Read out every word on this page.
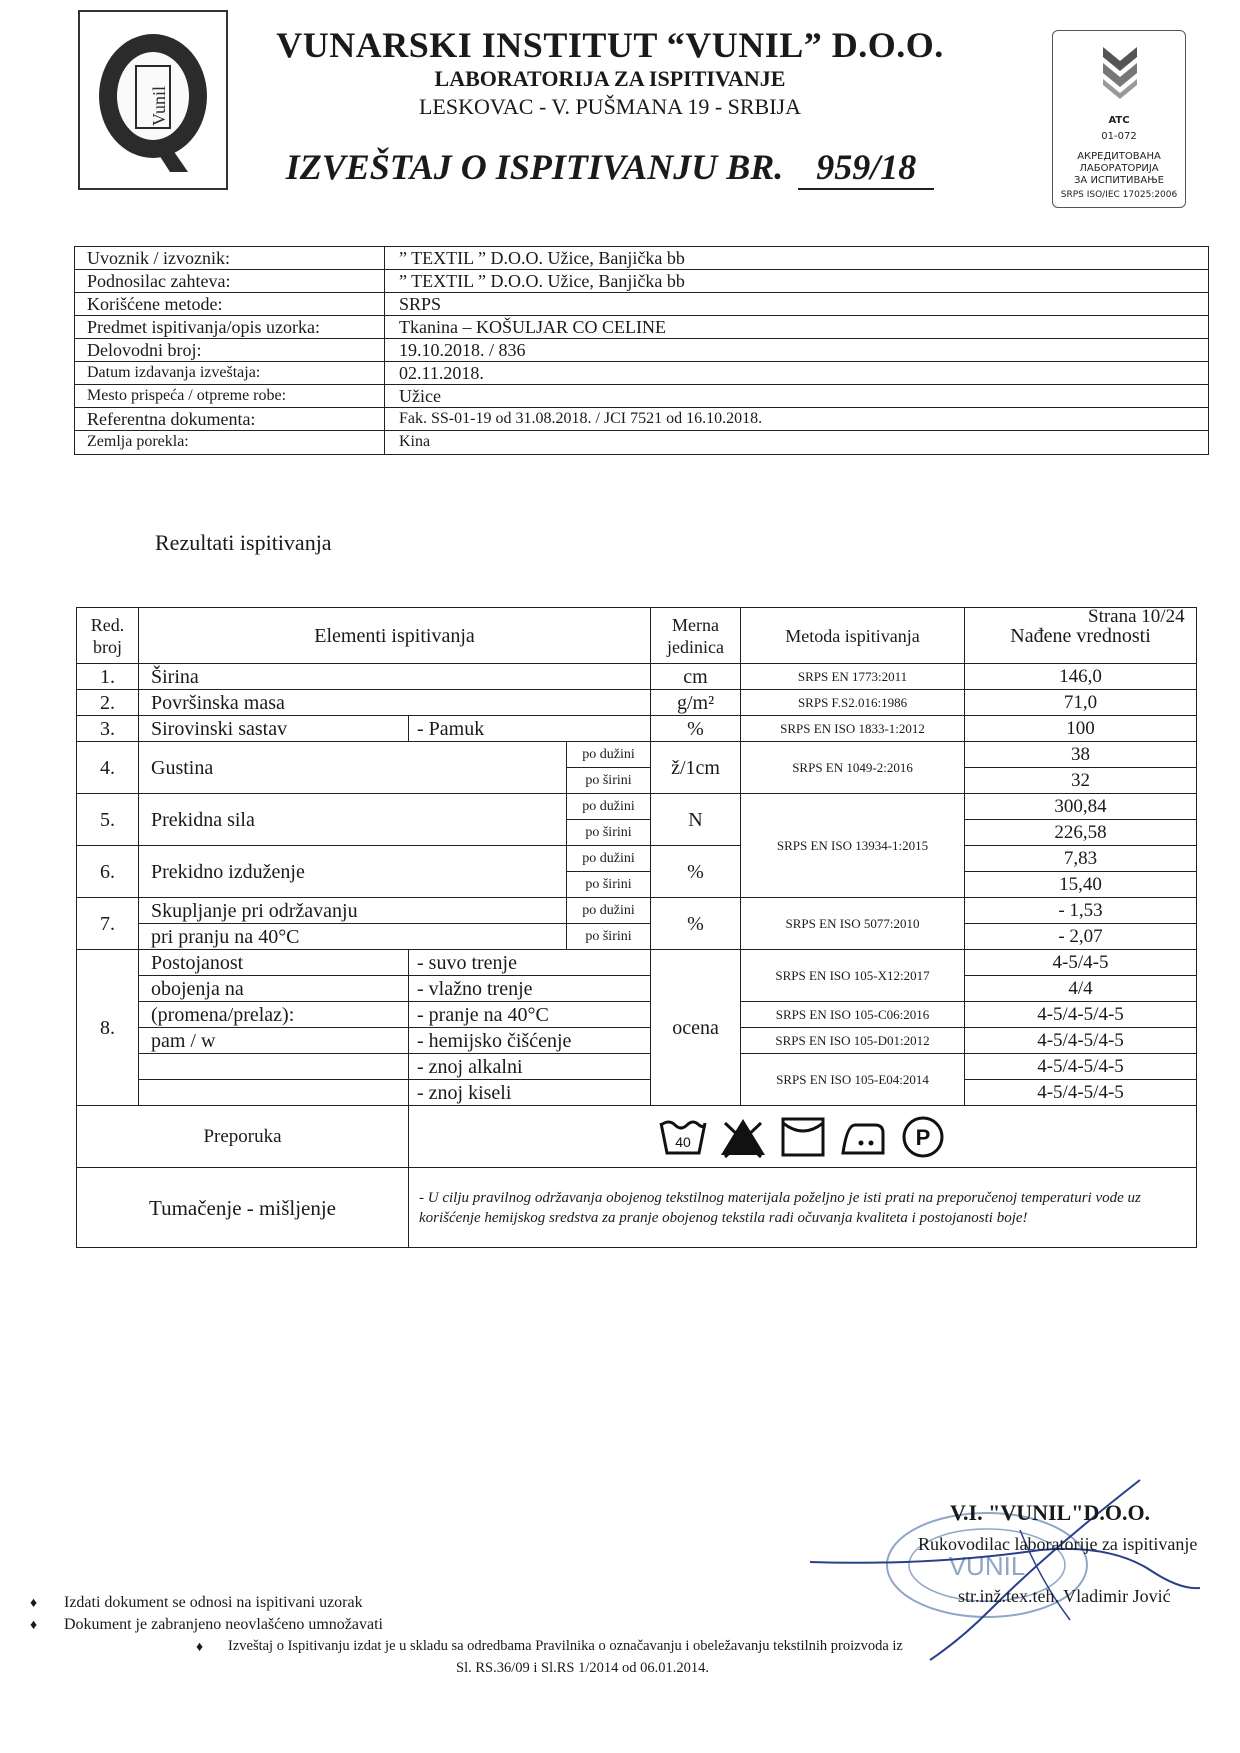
Vunil
VUNARSKI INSTITUT “VUNIL” D.O.O.
LABORATORIJA ZA ISPITIVANJE
LESKOVAC - V. PUŠMANA 19 - SRBIJA
IZVEŠTAJ O ISPITIVANJU BR. 959/18
ATC
01-072
АКРЕДИТОВАНА
ЛАБОРАТОРИЈА
ЗА ИСПИТИВАЊЕ
SRPS ISO/IEC 17025:2006
Uvoznik / izvoznik:	” TEXTIL ” D.O.O. Užice, Banjička bb
Podnosilac zahteva:	” TEXTIL ” D.O.O. Užice, Banjička bb
Korišćene metode:	SRPS
Predmet ispitivanja/opis uzorka:	Tkanina – KOŠULJAR CO CELINE
Delovodni broj:	19.10.2018. / 836
Datum izdavanja izveštaja:	02.11.2018.
Mesto prispeća / otpreme robe:	Užice
Referentna dokumenta:	Fak. SS-01-19 od 31.08.2018. / JCI 7521 od 16.10.2018.
Zemlja porekla:	Kina
Rezultati ispitivanja
Strana 10/24
Red. broj	Elementi ispitivanja			Merna jedinica	Metoda ispitivanja	Nađene vrednosti
1.	Širina			cm	SRPS EN 1773:2011	146,0
2.	Površinska masa			g/m²	SRPS F.S2.016:1986	71,0
3.	Sirovinski sastav	- Pamuk		%	SRPS EN ISO 1833-1:2012	100
4.	Gustina		po dužini	ž/1cm	SRPS EN 1049-2:2016	38
			po širini			32
5.	Prekidna sila		po dužini	N	SRPS EN ISO 13934-1:2015	300,84
			po širini			226,58
6.	Prekidno izduženje		po dužini	%		7,83
			po širini			15,40
7.	Skupljanje pri održavanju		po dužini	%	SRPS EN ISO 5077:2010	- 1,53
	pri pranju na 40°C		po širini			- 2,07
8.	Postojanost	- suvo trenje		ocena	SRPS EN ISO 105-X12:2017	4-5/4-5
	obojenja na	- vlažno trenje				4/4
	(promena/prelaz):	- pranje na 40°C			SRPS EN ISO 105-C06:2016	4-5/4-5/4-5
	pam / w	- hemijsko čišćenje			SRPS EN ISO 105-D01:2012	4-5/4-5/4-5
		- znoj alkalni			SRPS EN ISO 105-E04:2014	4-5/4-5/4-5
		- znoj kiseli				4-5/4-5/4-5
Preporuka		40 P				

Tumačenje - mišljenje		- U cilju pravilnog održavanja obojenog tekstilnog materijala poželjno je isti prati na preporučenoj temperaturi vode uz korišćenje hemijskog sredstva za pranje obojenog tekstila radi očuvanja kvaliteta i postojanosti boje!				
♦ Izdati dokument se odnosi na ispitivani uzorak
♦ Dokument je zabranjeno neovlašćeno umnožavati
♦ Izveštaj o Ispitivanju izdat je u skladu sa odredbama Pravilnika o označavanju i obeležavanju tekstilnih proizvoda iz
Sl. RS.36/09 i Sl.RS 1/2014 od 06.01.2014.
VUNIL
V.I. "VUNIL"D.O.O.
Rukovodilac laboratorije za ispitivanje
str.inž.tex.teh. Vladimir Jović
